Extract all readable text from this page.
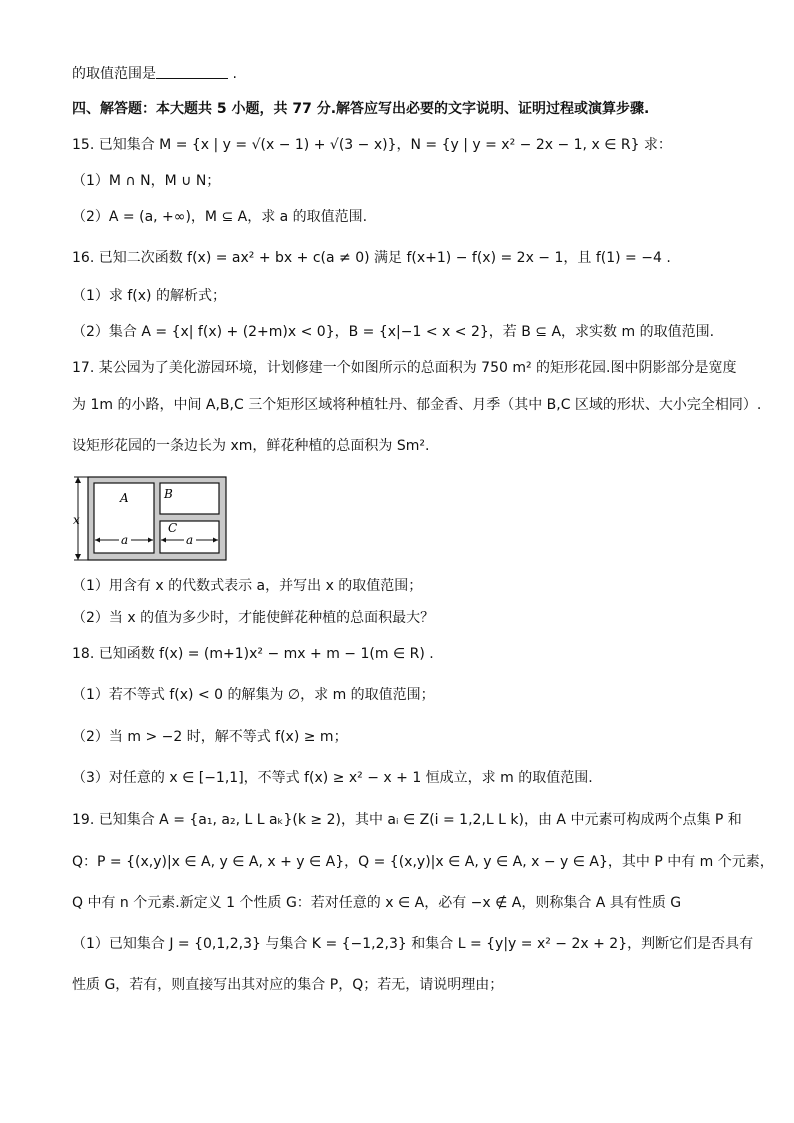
的取值范围是	.
四、解答题：本大题共 5 小题，共 77 分.解答应写出必要的文字说明、证明过程或演算步骤.
15. 已知集合 M = {x | y = √(x − 1) + √(3 − x)}，N = {y | y = x² − 2x − 1, x ∈ R} 求：
（1）M ∩ N，M ∪ N；
（2）A = (a, +∞)，M ⊆ A，求 a 的取值范围.
16. 已知二次函数 f(x) = ax² + bx + c(a ≠ 0) 满足 f(x+1) − f(x) = 2x − 1，且 f(1) = −4 .
（1）求 f(x) 的解析式；
（2）集合 A = {x| f(x) + (2+m)x < 0}，B = {x|−1 < x < 2}，若 B ⊆ A，求实数 m 的取值范围.
17. 某公园为了美化游园环境，计划修建一个如图所示的总面积为 750 m² 的矩形花园.图中阴影部分是宽度
为 1m 的小路，中间 A,B,C 三个矩形区域将种植牡丹、郁金香、月季（其中 B,C 区域的形状、大小完全相同）.
设矩形花园的一条边长为 xm，鲜花种植的总面积为 Sm².
x
A	B
C
a	a
（1）用含有 x 的代数式表示 a，并写出 x 的取值范围；
（2）当 x 的值为多少时，才能使鲜花种植的总面积最大？
18. 已知函数 f(x) = (m+1)x² − mx + m − 1(m ∈ R) .
（1）若不等式 f(x) < 0 的解集为 ∅，求 m 的取值范围；
（2）当 m > −2 时，解不等式 f(x) ≥ m；
（3）对任意的 x ∈ [−1,1]，不等式 f(x) ≥ x² − x + 1 恒成立，求 m 的取值范围.
19. 已知集合 A = {a₁, a₂, L L aₖ}(k ≥ 2)，其中 aᵢ ∈ Z(i = 1,2,L L k)，由 A 中元素可构成两个点集 P 和
Q：P = {(x,y)|x ∈ A, y ∈ A, x + y ∈ A}，Q = {(x,y)|x ∈ A, y ∈ A, x − y ∈ A}，其中 P 中有 m 个元素，
Q 中有 n 个元素.新定义 1 个性质 G：若对任意的 x ∈ A，必有 −x ∉ A，则称集合 A 具有性质 G
（1）已知集合 J = {0,1,2,3} 与集合 K = {−1,2,3} 和集合 L = {y|y = x² − 2x + 2}，判断它们是否具有
性质 G，若有，则直接写出其对应的集合 P，Q；若无，请说明理由；
